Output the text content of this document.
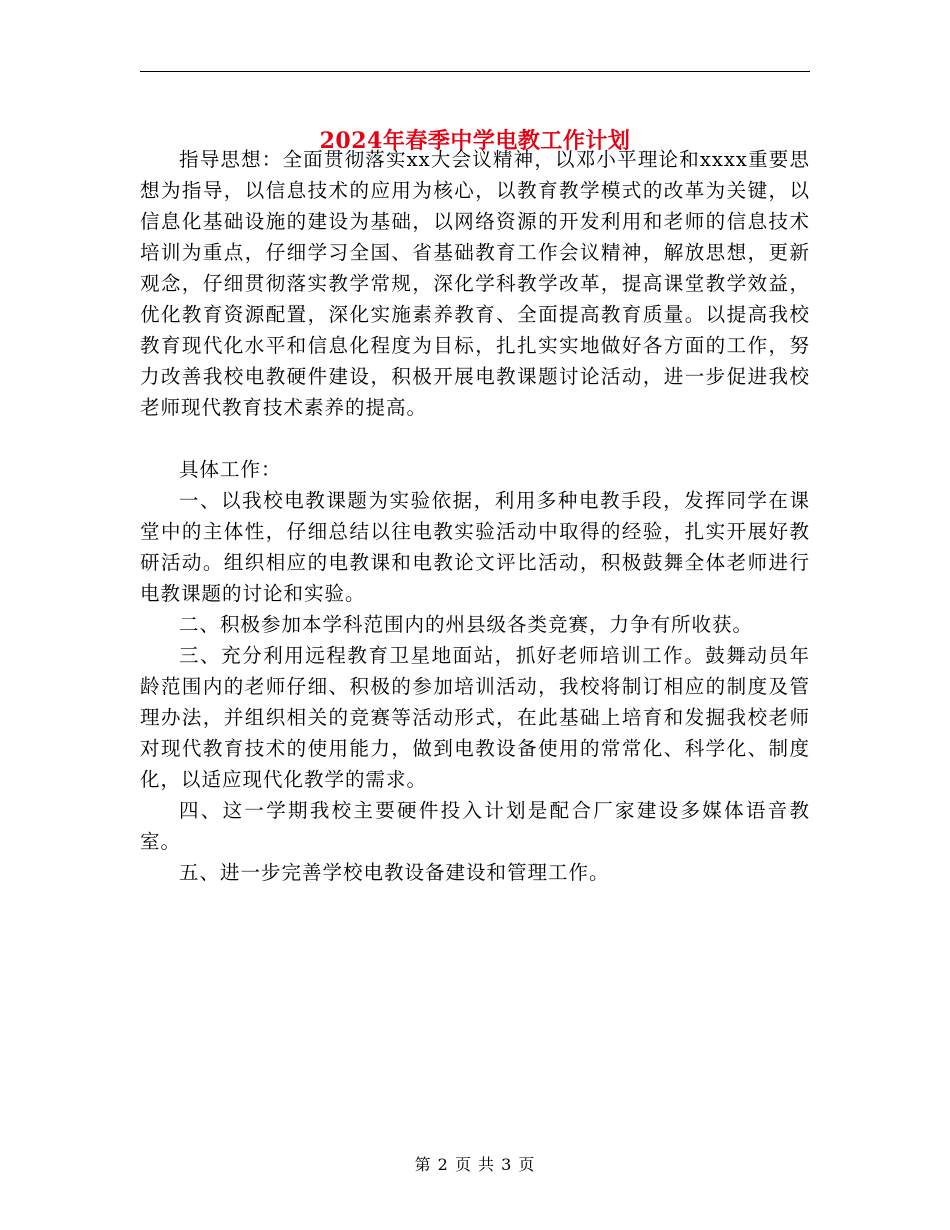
2024年春季中学电教工作计划

指导思想：全面贯彻落实xx大会议精神，以邓小平理论和xxxx重要思想为指导，以信息技术的应用为核心，以教育教学模式的改革为关键，以信息化基础设施的建设为基础，以网络资源的开发利用和老师的信息技术培训为重点，仔细学习全国、省基础教育工作会议精神，解放思想，更新观念，仔细贯彻落实教学常规，深化学科教学改革，提高课堂教学效益，优化教育资源配置，深化实施素养教育、全面提高教育质量。以提高我校教育现代化水平和信息化程度为目标，扎扎实实地做好各方面的工作，努力改善我校电教硬件建设，积极开展电教课题讨论活动，进一步促进我校老师现代教育技术素养的提高。

具体工作：

一、以我校电教课题为实验依据，利用多种电教手段，发挥同学在课堂中的主体性，仔细总结以往电教实验活动中取得的经验，扎实开展好教研活动。组织相应的电教课和电教论文评比活动，积极鼓舞全体老师进行电教课题的讨论和实验。

二、积极参加本学科范围内的州县级各类竞赛，力争有所收获。

三、充分利用远程教育卫星地面站，抓好老师培训工作。鼓舞动员年龄范围内的老师仔细、积极的参加培训活动，我校将制订相应的制度及管理办法，并组织相关的竞赛等活动形式，在此基础上培育和发掘我校老师对现代教育技术的使用能力，做到电教设备使用的常常化、科学化、制度化，以适应现代化教学的需求。

四、这一学期我校主要硬件投入计划是配合厂家建设多媒体语音教室。

五、进一步完善学校电教设备建设和管理工作。

第 2 页 共 3 页
